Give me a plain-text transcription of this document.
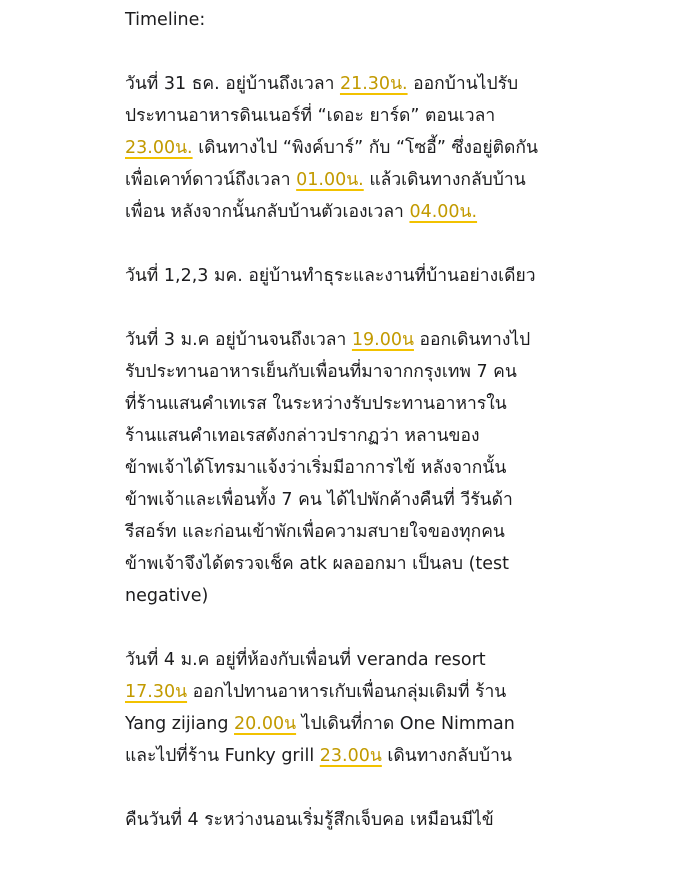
Timeline:
วันที่ 31 ธค. อยู่บ้านถึงเวลา 21.30น. ออกบ้านไปรับ
ประทานอาหารดินเนอร์ที่ “เดอะ ยาร์ด” ตอนเวลา
23.00น. เดินทางไป “พิงค์บาร์” กับ “โซอี้” ซึ่งอยู่ติดกัน
เพื่อเคาท์ดาวน์ถึงเวลา 01.00น. แล้วเดินทางกลับบ้าน
เพื่อน หลังจากนั้นกลับบ้านตัวเองเวลา 04.00น.
วันที่ 1,2,3 มค. อยู่บ้านทำธุระและงานที่บ้านอย่างเดียว
วันที่ 3 ม.ค อยู่บ้านจนถึงเวลา 19.00น ออกเดินทางไป
รับประทานอาหารเย็นกับเพื่อนที่มาจากกรุงเทพ 7 คน
ที่ร้านแสนคำเทเรส ในระหว่างรับประทานอาหารใน
ร้านแสนคำเทอเรสดังกล่าวปรากฏว่า หลานของ
ข้าพเจ้าได้โทรมาแจ้งว่าเริ่มมีอาการไข้ หลังจากนั้น
ข้าพเจ้าและเพื่อนทั้ง 7 คน ได้ไปพักค้างคืนที่ วีรันด้า
รีสอร์ท และก่อนเข้าพักเพื่อความสบายใจของทุกคน
ข้าพเจ้าจึงได้ตรวจเช็ค atk ผลออกมา เป็นลบ (test
negative)
วันที่ 4 ม.ค อยู่ที่ห้องกับเพื่อนที่ veranda resort
17.30น ออกไปทานอาหารเกับเพื่อนกลุ่มเดิมที่ ร้าน
Yang zijiang 20.00น ไปเดินที่กาด One Nimman
และไปที่ร้าน Funky grill 23.00น เดินทางกลับบ้าน
คืนวันที่ 4 ระหว่างนอนเริ่มรู้สึกเจ็บคอ เหมือนมีไข้
